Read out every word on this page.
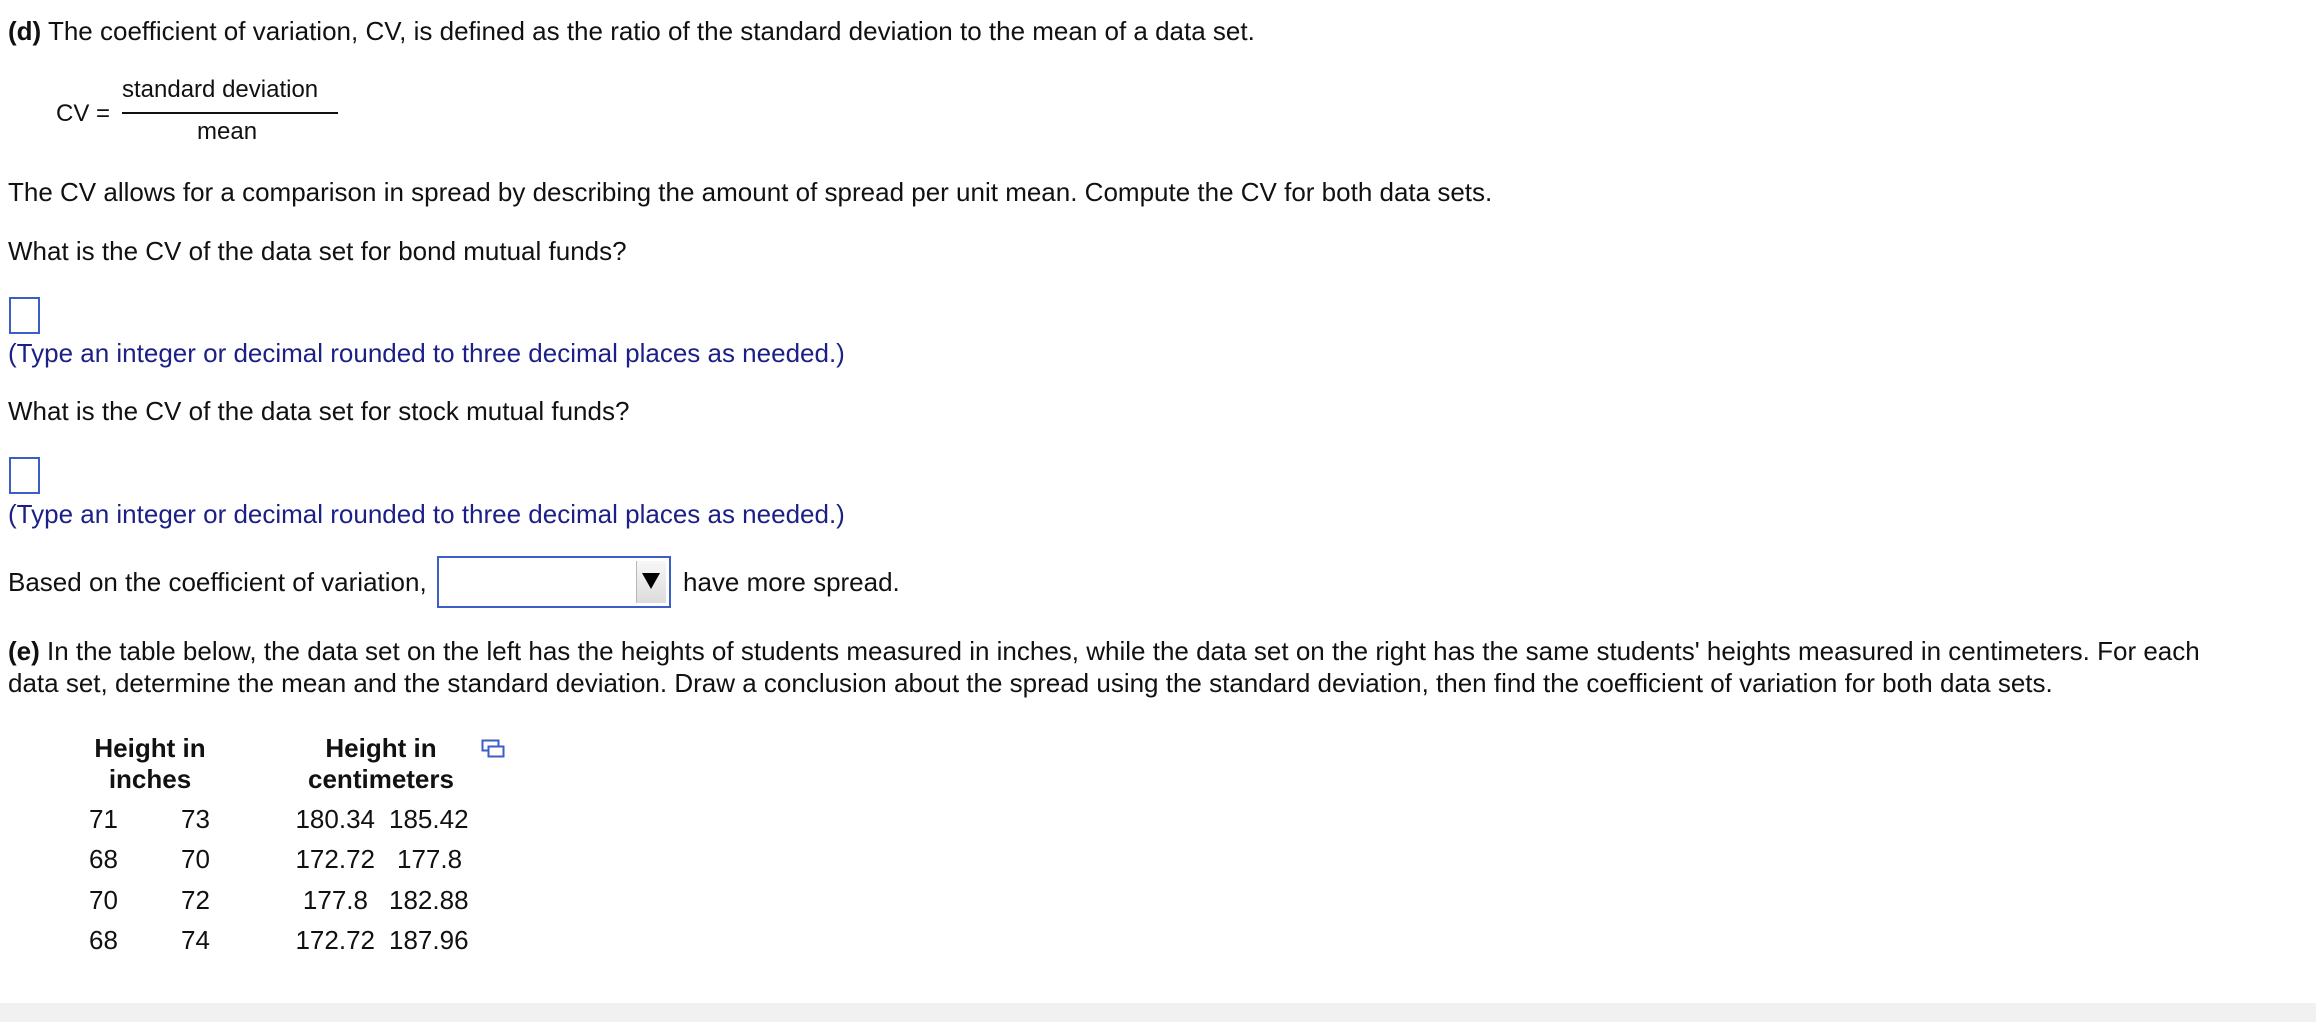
(d) The coefficient of variation, CV, is defined as the ratio of the standard deviation to the mean of a data set.
CV =
standard deviation
mean
The CV allows for a comparison in spread by describing the amount of spread per unit mean. Compute the CV for both data sets.
What is the CV of the data set for bond mutual funds?
(Type an integer or decimal rounded to three decimal places as needed.)
What is the CV of the data set for stock mutual funds?
(Type an integer or decimal rounded to three decimal places as needed.)
Based on the coefficient of variation,	have more spread.
(e) In the table below, the data set on the left has the heights of students measured in inches, while the data set on the right has the same students' heights measured in centimeters. For each
data set, determine the mean and the standard deviation. Draw a conclusion about the spread using the standard deviation, then find the coefficient of variation for both data sets.
Height in
inches
Height in
centimeters
71 73	180.34 185.42
68 70	172.72 177.8
70 72	177.8 182.88
68 74	172.72 187.96
